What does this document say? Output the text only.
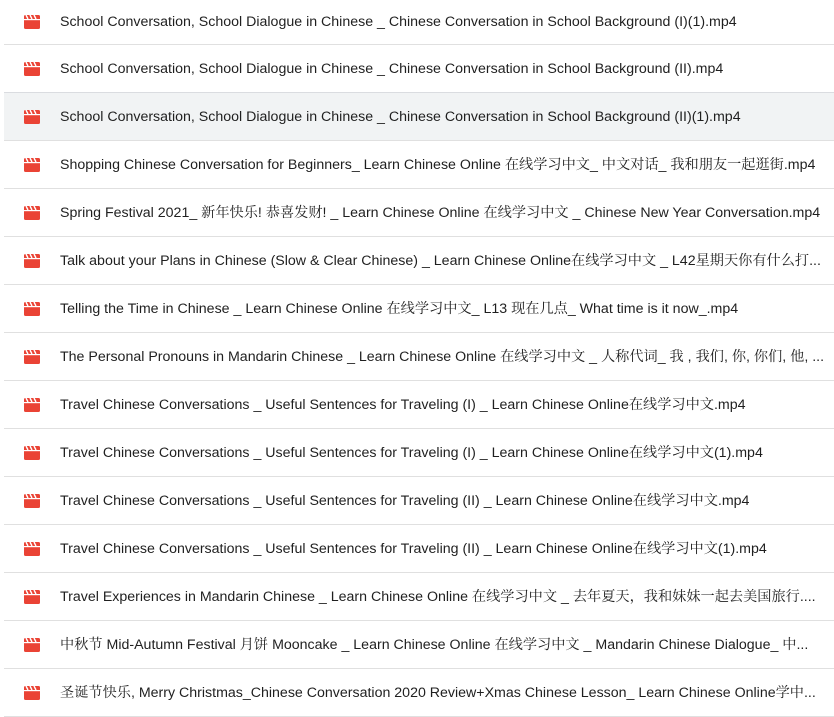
School Conversation, School Dialogue in Chinese _ Chinese Conversation in School Background (I)(1).mp4
School Conversation, School Dialogue in Chinese _ Chinese Conversation in School Background (II).mp4
School Conversation, School Dialogue in Chinese _ Chinese Conversation in School Background (II)(1).mp4
Shopping Chinese Conversation for Beginners_ Learn Chinese Online 在线学习中文_ 中文对话_ 我和朋友一起逛街.mp4
Spring Festival 2021_ 新年快乐! 恭喜发财! _ Learn Chinese Online 在线学习中文 _ Chinese New Year Conversation.mp4
Talk about your Plans in Chinese (Slow & Clear Chinese) _ Learn Chinese Online在线学习中文 _ L42星期天你有什么打...
Telling the Time in Chinese _ Learn Chinese Online 在线学习中文_ L13 现在几点_ What time is it now_.mp4
The Personal Pronouns in Mandarin Chinese _ Learn Chinese Online 在线学习中文 _ 人称代词_ 我 , 我们, 你, 你们, 他, ...
Travel Chinese Conversations _ Useful Sentences for Traveling (I) _ Learn Chinese Online在线学习中文.mp4
Travel Chinese Conversations _ Useful Sentences for Traveling (I) _ Learn Chinese Online在线学习中文(1).mp4
Travel Chinese Conversations _ Useful Sentences for Traveling (II) _ Learn Chinese Online在线学习中文.mp4
Travel Chinese Conversations _ Useful Sentences for Traveling (II) _ Learn Chinese Online在线学习中文(1).mp4
Travel Experiences in Mandarin Chinese _ Learn Chinese Online 在线学习中文 _ 去年夏天，我和妹妹一起去美国旅行....
中秋节 Mid-Autumn Festival 月饼 Mooncake _ Learn Chinese Online 在线学习中文 _ Mandarin Chinese Dialogue_ 中...
圣诞节快乐, Merry Christmas_Chinese Conversation 2020 Review+Xmas Chinese Lesson_ Learn Chinese Online学中...
